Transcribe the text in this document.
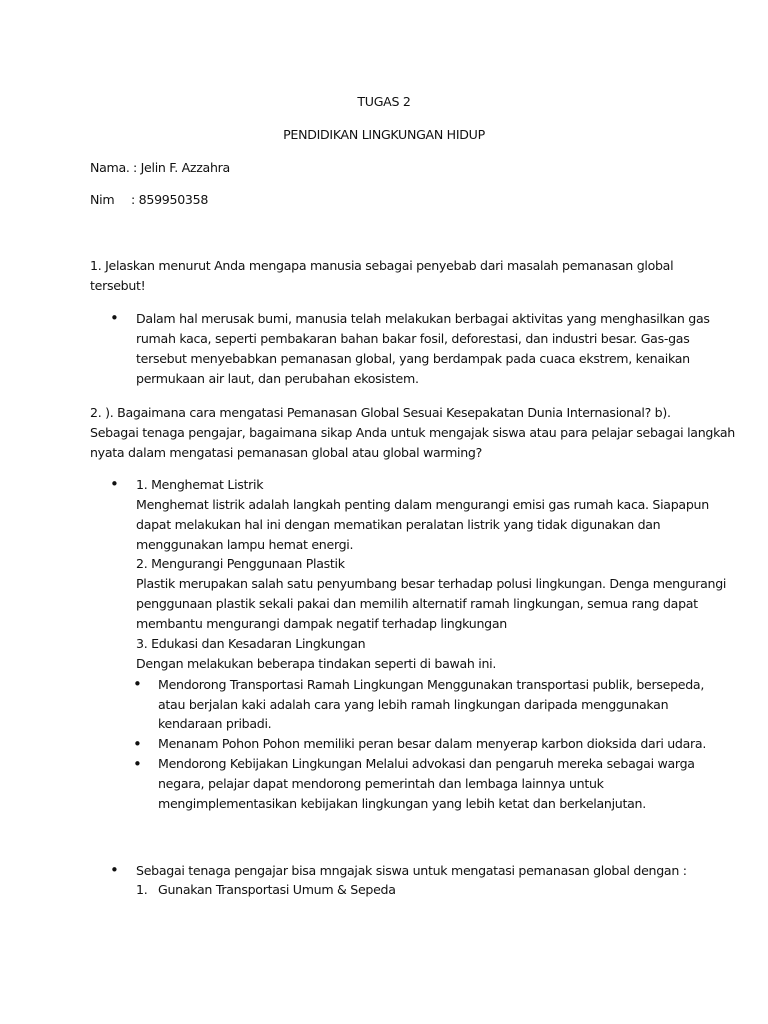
TUGAS 2
PENDIDIKAN LINGKUNGAN HIDUP
Nama. : Jelin F. Azzahra
Nim : 859950358
1. Jelaskan menurut Anda mengapa manusia sebagai penyebab dari masalah pemanasan global
tersebut!
• Dalam hal merusak bumi, manusia telah melakukan berbagai aktivitas yang menghasilkan gas
rumah kaca, seperti pembakaran bahan bakar fosil, deforestasi, dan industri besar. Gas-gas
tersebut menyebabkan pemanasan global, yang berdampak pada cuaca ekstrem, kenaikan
permukaan air laut, dan perubahan ekosistem.
2. ). Bagaimana cara mengatasi Pemanasan Global Sesuai Kesepakatan Dunia Internasional? b).
Sebagai tenaga pengajar, bagaimana sikap Anda untuk mengajak siswa atau para pelajar sebagai langkah
nyata dalam mengatasi pemanasan global atau global warming?
• 1. Menghemat Listrik
Menghemat listrik adalah langkah penting dalam mengurangi emisi gas rumah kaca. Siapapun
dapat melakukan hal ini dengan mematikan peralatan listrik yang tidak digunakan dan
menggunakan lampu hemat energi.
2. Mengurangi Penggunaan Plastik
Plastik merupakan salah satu penyumbang besar terhadap polusi lingkungan. Denga mengurangi
penggunaan plastik sekali pakai dan memilih alternatif ramah lingkungan, semua rang dapat
membantu mengurangi dampak negatif terhadap lingkungan
3. Edukasi dan Kesadaran Lingkungan
Dengan melakukan beberapa tindakan seperti di bawah ini.
• Mendorong Transportasi Ramah Lingkungan Menggunakan transportasi publik, bersepeda,
atau berjalan kaki adalah cara yang lebih ramah lingkungan daripada menggunakan
kendaraan pribadi.
• Menanam Pohon Pohon memiliki peran besar dalam menyerap karbon dioksida dari udara.
• Mendorong Kebijakan Lingkungan Melalui advokasi dan pengaruh mereka sebagai warga
negara, pelajar dapat mendorong pemerintah dan lembaga lainnya untuk
mengimplementasikan kebijakan lingkungan yang lebih ketat dan berkelanjutan.
• Sebagai tenaga pengajar bisa mngajak siswa untuk mengatasi pemanasan global dengan :
1. Gunakan Transportasi Umum & Sepeda
